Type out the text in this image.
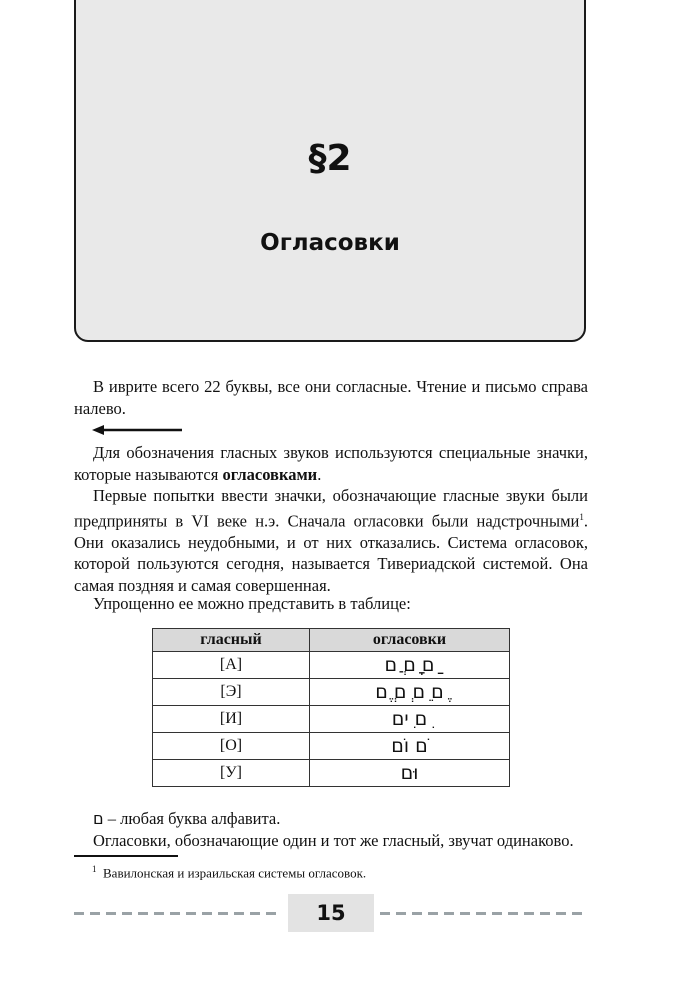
§2
Огласовки
В иврите всего 22 буквы, все они согласные. Чтение и письмо справа налево.
Для обозначения гласных звуков используются специальные значки, которые называются огласовками.
Первые попытки ввести значки, обозначающие гласные звуки были предприняты в VI веке н.э. Сначала огласовки были надстрочными$^1$. Они оказались неудобными, и от них отказались. Система огласовок, которой пользуются сегодня, называется Тивериадской системой. Она самая поздняя и самая совершенная.
Упрощенно ее можно представить в таблице:
гласный	огласовки
[А]	ַם ָם ֲם
[Э]	ֶם ֵם ְם ֱם
[И]	ִם ִים
[О]	ֹם וֹם
[У]	וּם
ם – любая буква алфавита.
Огласовки, обозначающие один и тот же гласный, звучат одинаково.
$^1$ Вавилонская и израильская системы огласовок.
15
